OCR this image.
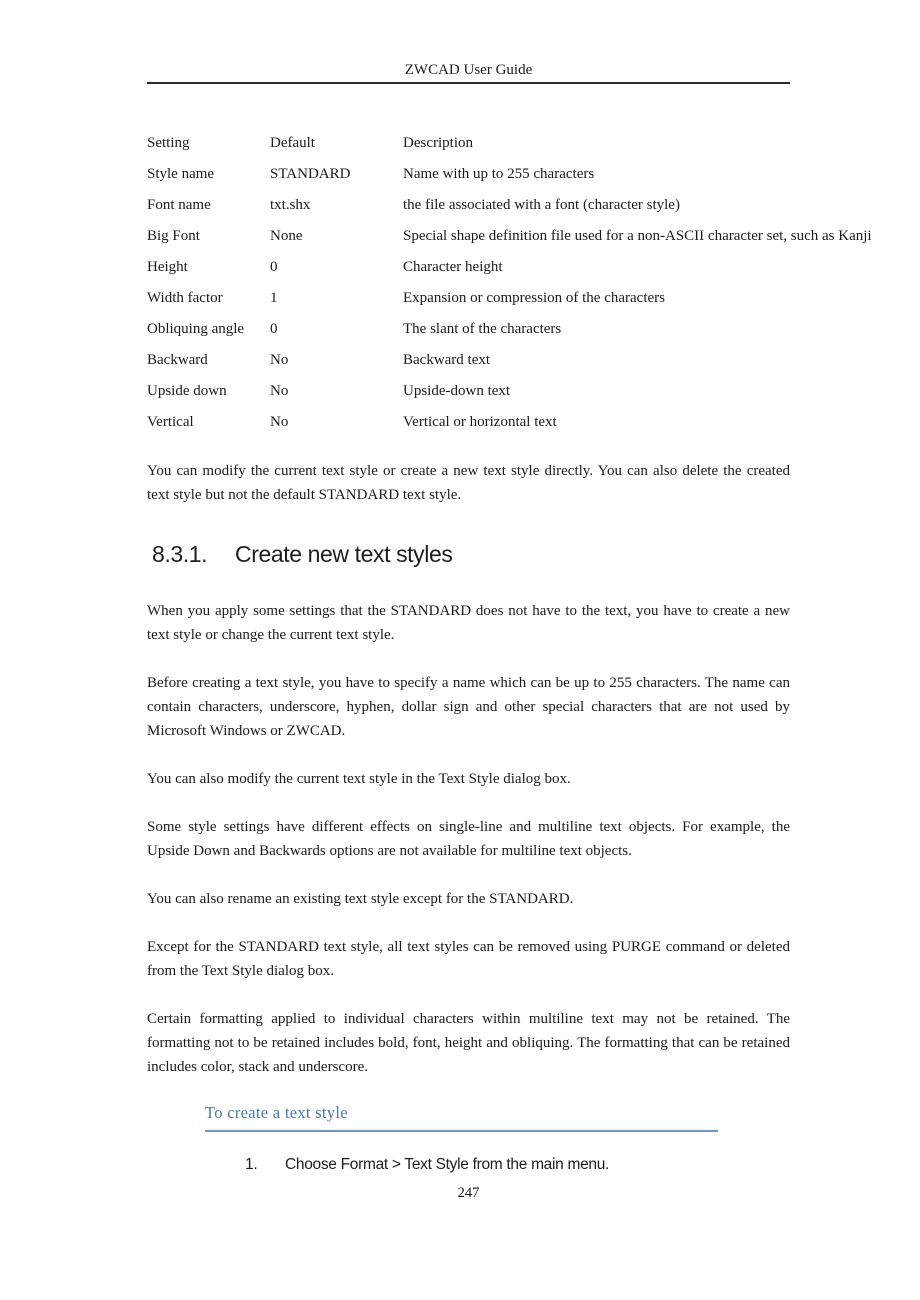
ZWCAD User Guide
Setting	Default	Description
Style name	STANDARD	Name with up to 255 characters
Font name	txt.shx	the file associated with a font (character style)
Big Font	None	Special shape definition file used for a non-ASCII character set, such as Kanji
Height	0	Character height
Width factor	1	Expansion or compression of the characters
Obliquing angle	0	The slant of the characters
Backward	No	Backward text
Upside down	No	Upside-down text
Vertical	No	Vertical or horizontal text

You can modify the current text style or create a new text style directly. You can also delete the created text style but not the default STANDARD text style.

8.3.1.	Create new text styles

When you apply some settings that the STANDARD does not have to the text, you have to create a new text style or change the current text style.

Before creating a text style, you have to specify a name which can be up to 255 characters. The name can contain characters, underscore, hyphen, dollar sign and other special characters that are not used by Microsoft Windows or ZWCAD.

You can also modify the current text style in the Text Style dialog box.

Some style settings have different effects on single-line and multiline text objects. For example, the Upside Down and Backwards options are not available for multiline text objects.

You can also rename an existing text style except for the STANDARD.

Except for the STANDARD text style, all text styles can be removed using PURGE command or deleted from the Text Style dialog box.

Certain formatting applied to individual characters within multiline text may not be retained. The formatting not to be retained includes bold, font, height and obliquing. The formatting that can be retained includes color, stack and underscore.

To create a text style
1.	Choose Format > Text Style from the main menu.
247
